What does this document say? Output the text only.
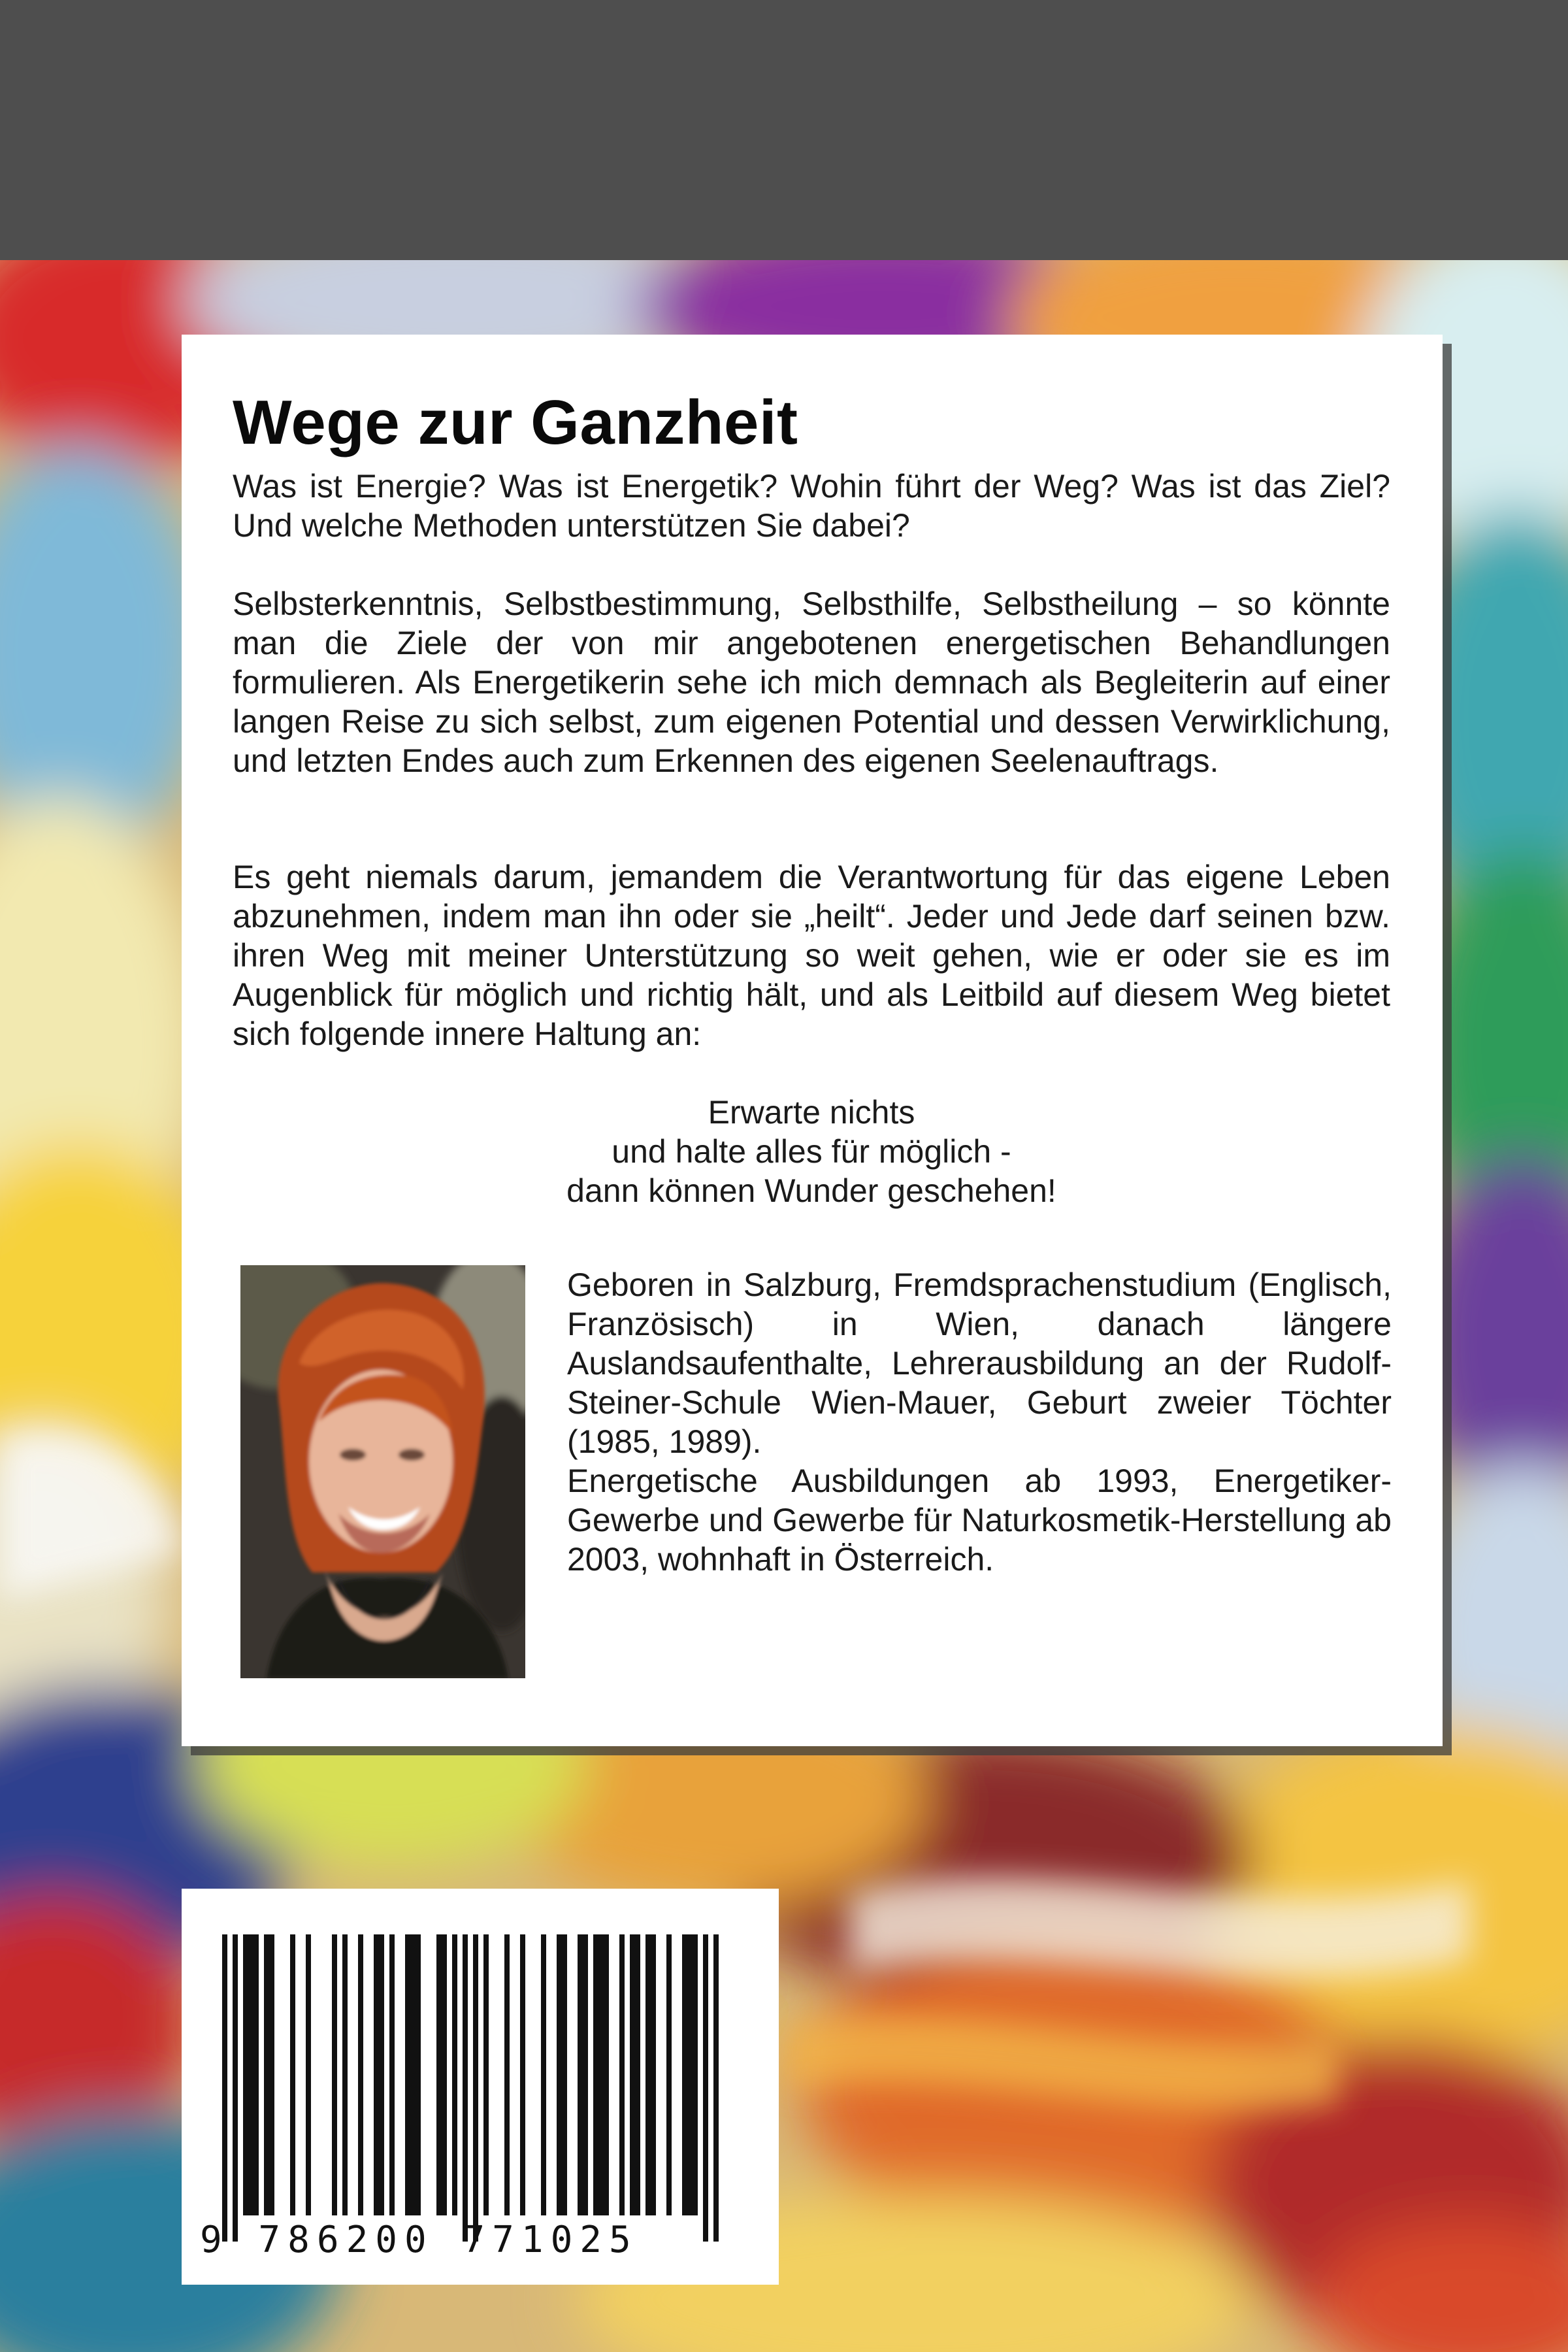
Wege zur Ganzheit

Was ist Energie? Was ist Energetik? Wohin führt der Weg? Was ist das Ziel? Und welche Methoden unterstützen Sie dabei?

Selbsterkenntnis, Selbstbestimmung, Selbsthilfe, Selbstheilung – so könnte man die Ziele der von mir angebotenen energetischen Behandlungen formulieren. Als Energetikerin sehe ich mich demnach als Begleiterin auf einer langen Reise zu sich selbst, zum eigenen Potential und dessen Verwirklichung, und letzten Endes auch zum Erkennen des eigenen Seelenauftrags.

Es geht niemals darum, jemandem die Verantwortung für das eigene Leben abzunehmen, indem man ihn oder sie „heilt“. Jeder und Jede darf seinen bzw. ihren Weg mit meiner Unterstützung so weit gehen, wie er oder sie es im Augenblick für möglich und richtig hält, und als Leitbild auf diesem Weg bietet sich folgende innere Haltung an:

Erwarte nichts
und halte alles für möglich -
dann können Wunder geschehen!

Geboren in Salzburg, Fremdsprachenstudium (Englisch, Französisch) in Wien, danach längere Auslandsaufenthalte, Lehrerausbildung an der Rudolf-Steiner-Schule Wien-Mauer, Geburt zweier Töchter (1985, 1989).

Energetische Ausbildungen ab 1993, Energetiker-Gewerbe und Gewerbe für Naturkosmetik-Herstellung ab 2003, wohnhaft in Österreich.

9 786200 771025
